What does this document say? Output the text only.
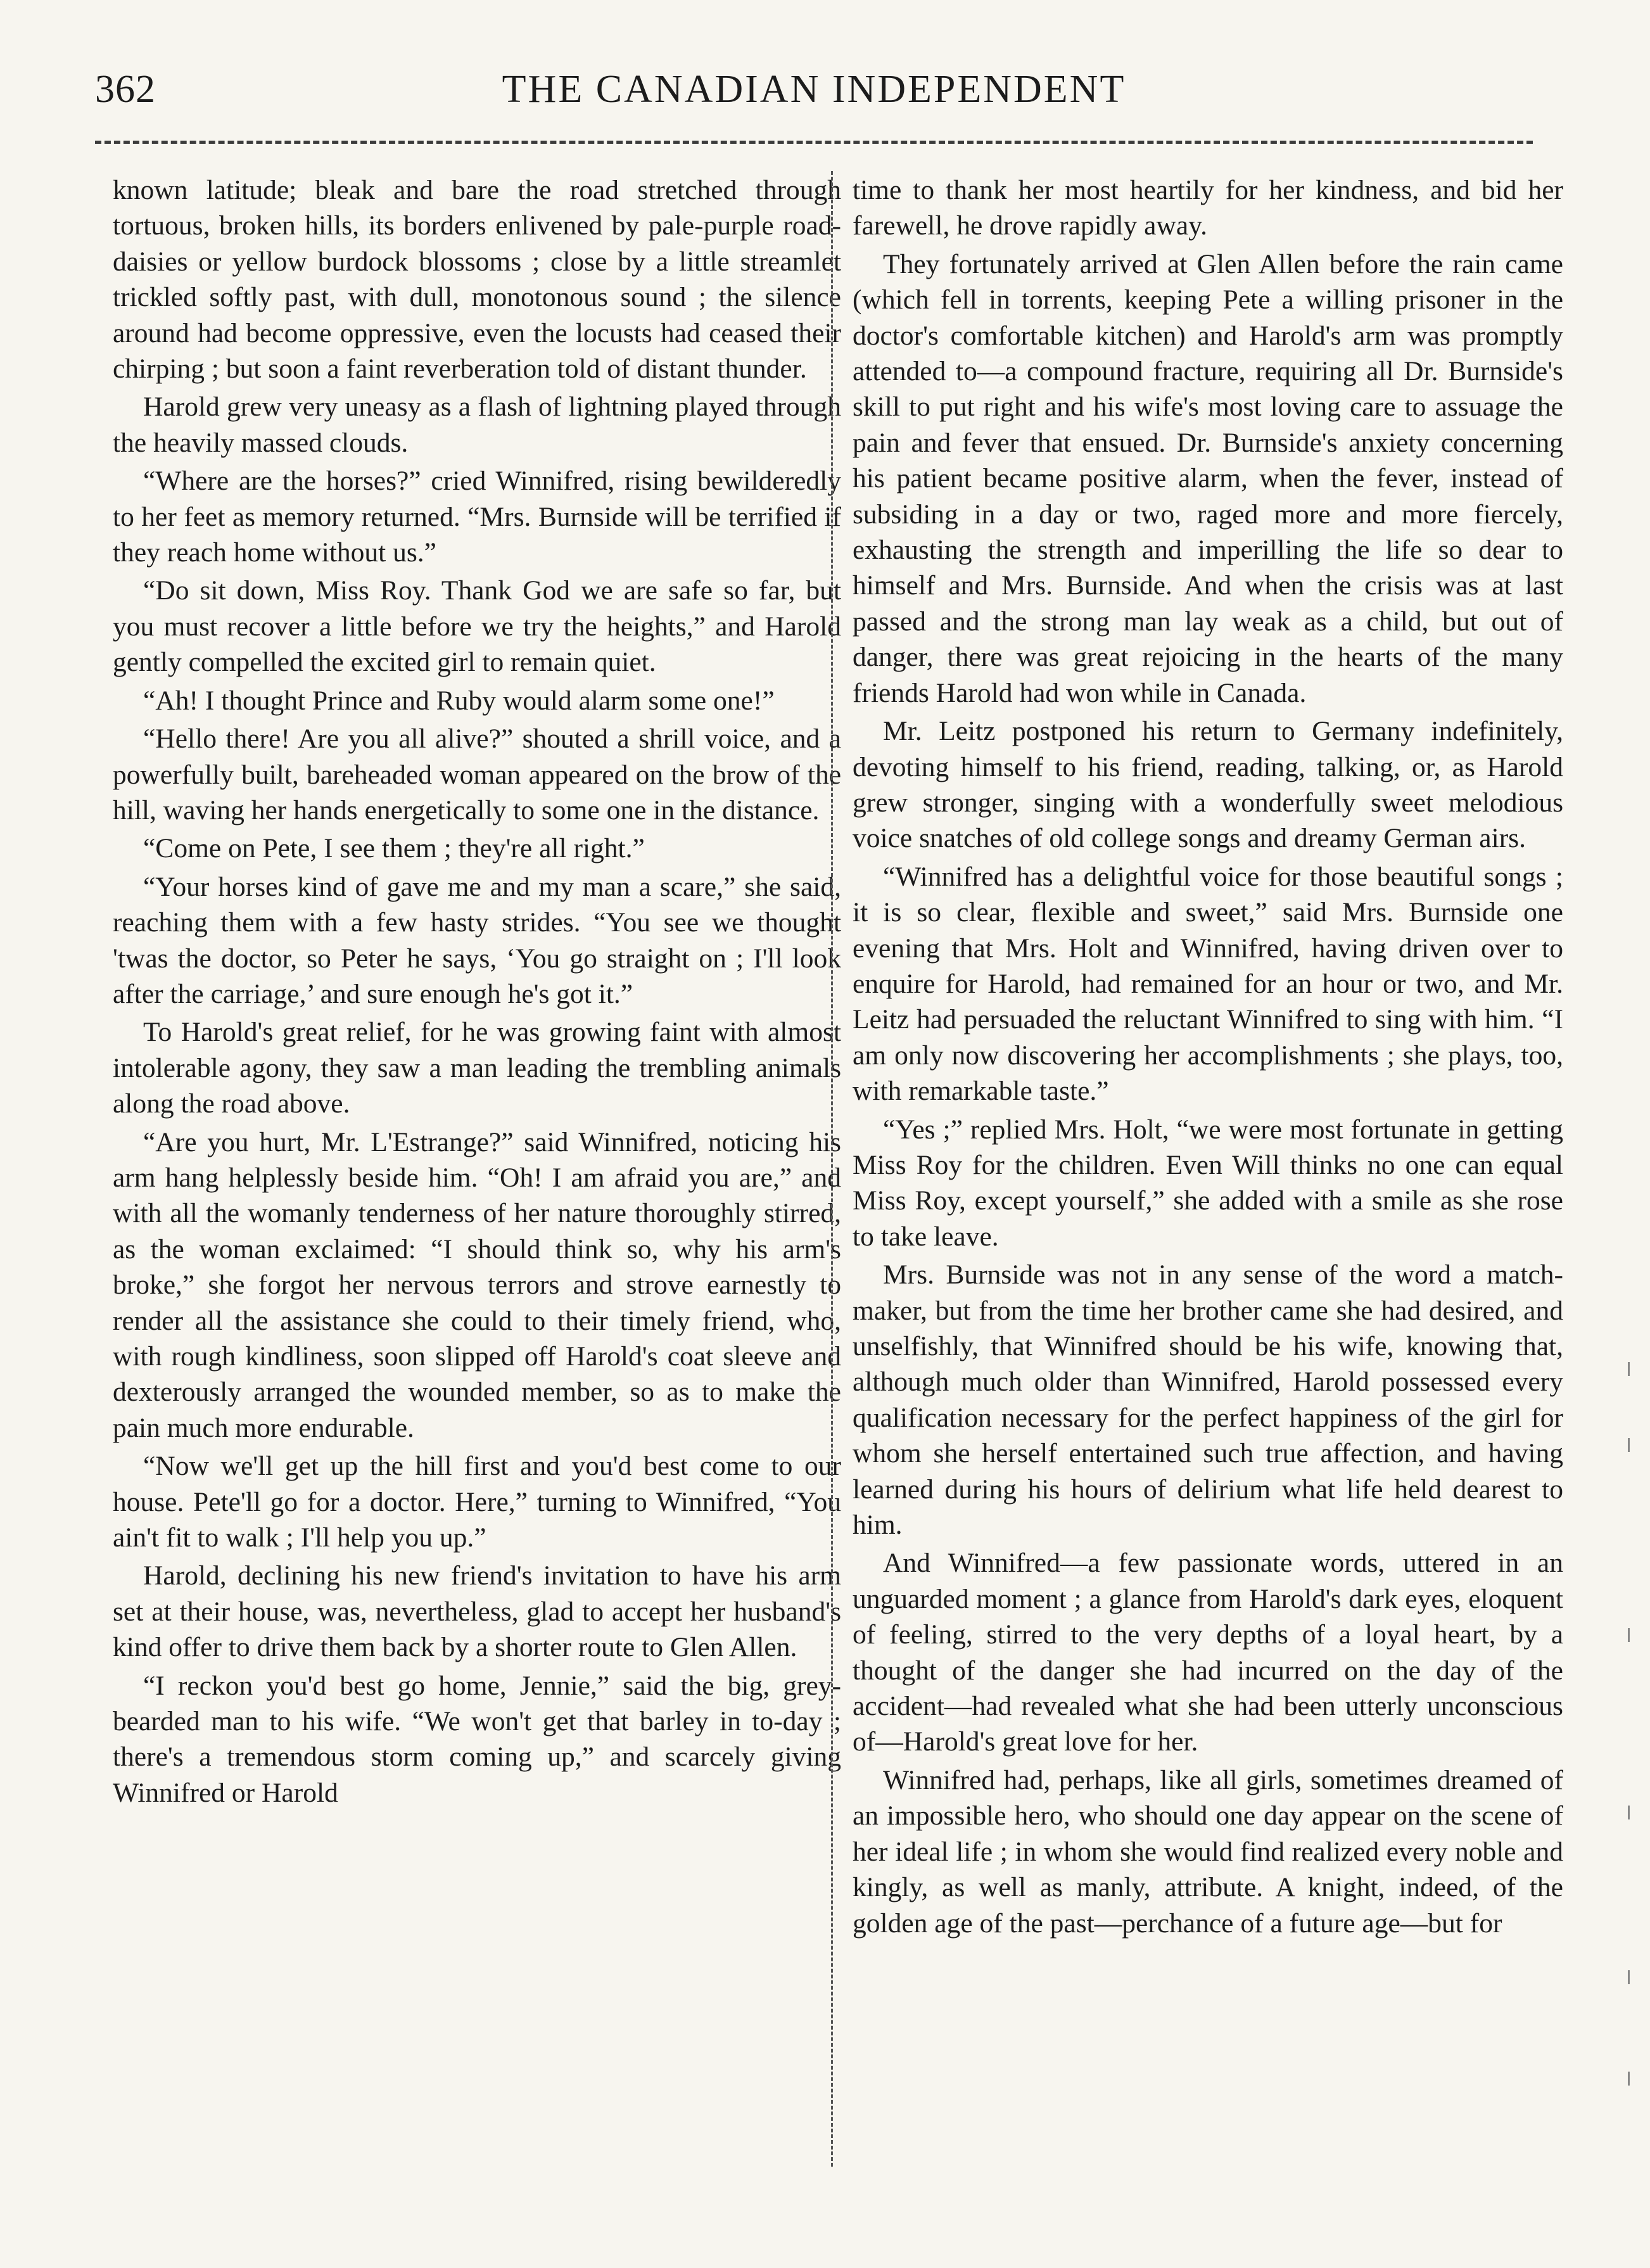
362	THE CANADIAN INDEPENDENT

known latitude; bleak and bare the road stretched through tortuous, broken hills, its borders enlivened by pale-purple road-daisies or yellow burdock blossoms ; close by a little streamlet trickled softly past, with dull, monotonous sound ; the silence around had become oppressive, even the locusts had ceased their chirping ; but soon a faint reverberation told of distant thunder.

Harold grew very uneasy as a flash of lightning played through the heavily massed clouds.

“Where are the horses?” cried Winnifred, rising bewilderedly to her feet as memory returned. “Mrs. Burnside will be terrified if they reach home without us.”

“Do sit down, Miss Roy. Thank God we are safe so far, but you must recover a little before we try the heights,” and Harold gently compelled the excited girl to remain quiet.

“Ah! I thought Prince and Ruby would alarm some one!”

“Hello there! Are you all alive?” shouted a shrill voice, and a powerfully built, bareheaded woman appeared on the brow of the hill, waving her hands energetically to some one in the distance.

“Come on Pete, I see them ; they're all right.”

“Your horses kind of gave me and my man a scare,” she said, reaching them with a few hasty strides. “You see we thought 'twas the doctor, so Peter he says, ‘You go straight on ; I'll look after the carriage,’ and sure enough he's got it.”

To Harold's great relief, for he was growing faint with almost intolerable agony, they saw a man leading the trembling animals along the road above.

“Are you hurt, Mr. L'Estrange?” said Winnifred, noticing his arm hang helplessly beside him. “Oh! I am afraid you are,” and with all the womanly tenderness of her nature thoroughly stirred, as the woman exclaimed: “I should think so, why his arm's broke,” she forgot her nervous terrors and strove earnestly to render all the assistance she could to their timely friend, who, with rough kindliness, soon slipped off Harold's coat sleeve and dexterously arranged the wounded member, so as to make the pain much more endurable.

“Now we'll get up the hill first and you'd best come to our house. Pete'll go for a doctor. Here,” turning to Winnifred, “You ain't fit to walk ; I'll help you up.”

Harold, declining his new friend's invitation to have his arm set at their house, was, nevertheless, glad to accept her husband's kind offer to drive them back by a shorter route to Glen Allen.

“I reckon you'd best go home, Jennie,” said the big, grey-bearded man to his wife. “We won't get that barley in to-day ; there's a tremendous storm coming up,” and scarcely giving Winnifred or Harold

time to thank her most heartily for her kindness, and bid her farewell, he drove rapidly away.

They fortunately arrived at Glen Allen before the rain came (which fell in torrents, keeping Pete a willing prisoner in the doctor's comfortable kitchen) and Harold's arm was promptly attended to—a compound fracture, requiring all Dr. Burnside's skill to put right and his wife's most loving care to assuage the pain and fever that ensued. Dr. Burnside's anxiety concerning his patient became positive alarm, when the fever, instead of subsiding in a day or two, raged more and more fiercely, exhausting the strength and imperilling the life so dear to himself and Mrs. Burnside. And when the crisis was at last passed and the strong man lay weak as a child, but out of danger, there was great rejoicing in the hearts of the many friends Harold had won while in Canada.

Mr. Leitz postponed his return to Germany indefinitely, devoting himself to his friend, reading, talking, or, as Harold grew stronger, singing with a wonderfully sweet melodious voice snatches of old college songs and dreamy German airs.

“Winnifred has a delightful voice for those beautiful songs ; it is so clear, flexible and sweet,” said Mrs. Burnside one evening that Mrs. Holt and Winnifred, having driven over to enquire for Harold, had remained for an hour or two, and Mr. Leitz had persuaded the reluctant Winnifred to sing with him. “I am only now discovering her accomplishments ; she plays, too, with remarkable taste.”

“Yes ;” replied Mrs. Holt, “we were most fortunate in getting Miss Roy for the children. Even Will thinks no one can equal Miss Roy, except yourself,” she added with a smile as she rose to take leave.

Mrs. Burnside was not in any sense of the word a match-maker, but from the time her brother came she had desired, and unselfishly, that Winnifred should be his wife, knowing that, although much older than Winnifred, Harold possessed every qualification necessary for the perfect happiness of the girl for whom she herself entertained such true affection, and having learned during his hours of delirium what life held dearest to him.

And Winnifred—a few passionate words, uttered in an unguarded moment ; a glance from Harold's dark eyes, eloquent of feeling, stirred to the very depths of a loyal heart, by a thought of the danger she had incurred on the day of the accident—had revealed what she had been utterly unconscious of—Harold's great love for her.

Winnifred had, perhaps, like all girls, sometimes dreamed of an impossible hero, who should one day appear on the scene of her ideal life ; in whom she would find realized every noble and kingly, as well as manly, attribute. A knight, indeed, of the golden age of the past—perchance of a future age—but for
